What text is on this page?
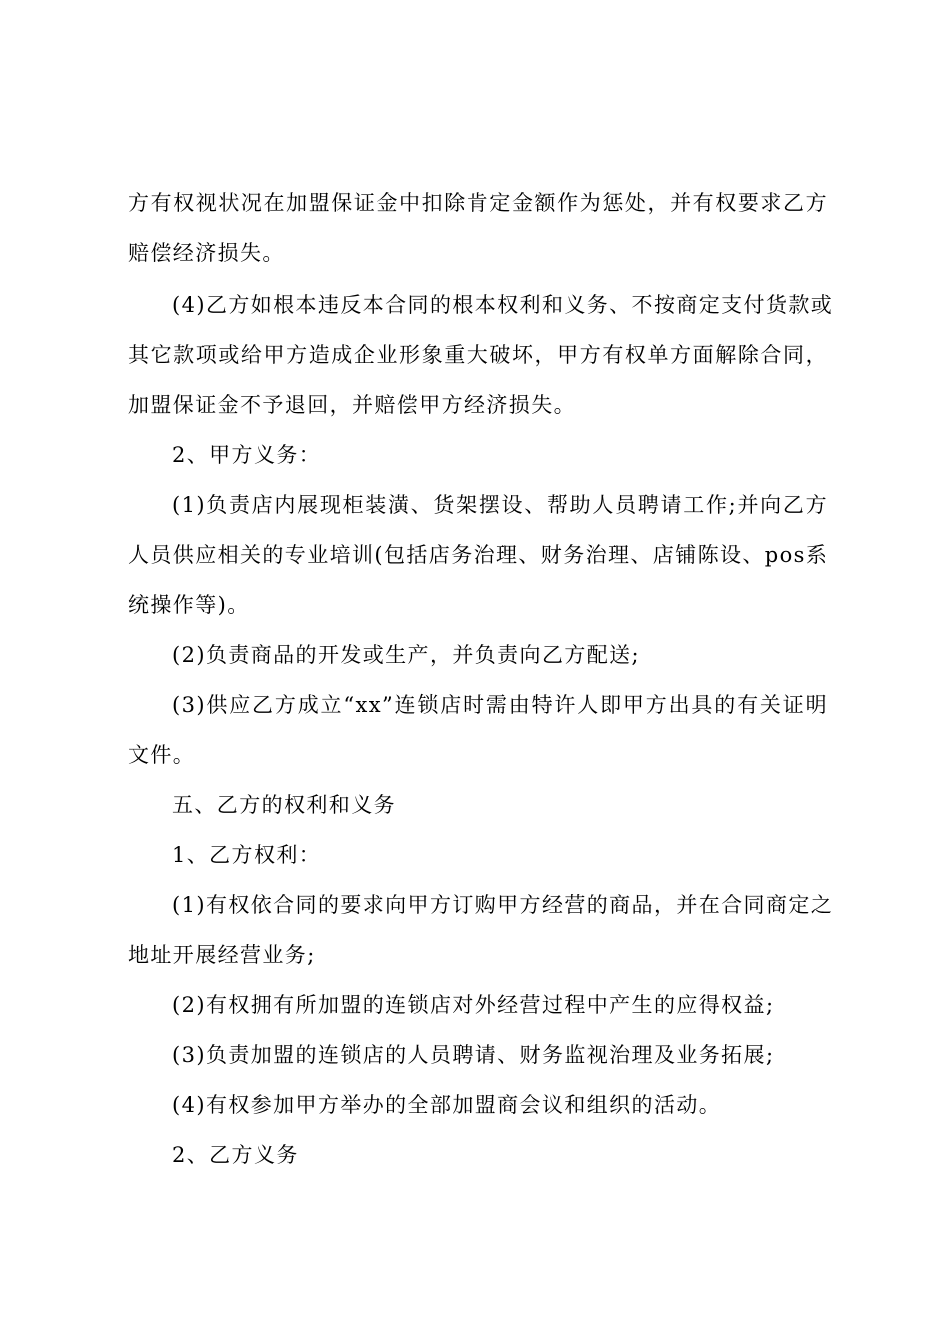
方有权视状况在加盟保证金中扣除肯定金额作为惩处，并有权要求乙方
赔偿经济损失。
(4)乙方如根本违反本合同的根本权利和义务、不按商定支付货款或
其它款项或给甲方造成企业形象重大破坏，甲方有权单方面解除合同，
加盟保证金不予退回，并赔偿甲方经济损失。
2、甲方义务：
(1)负责店内展现柜装潢、货架摆设、帮助人员聘请工作;并向乙方
人员供应相关的专业培训(包括店务治理、财务治理、店铺陈设、pos系
统操作等)。
(2)负责商品的开发或生产，并负责向乙方配送;
(3)供应乙方成立“xx”连锁店时需由特许人即甲方出具的有关证明
文件。
五、乙方的权利和义务
1、乙方权利：
(1)有权依合同的要求向甲方订购甲方经营的商品，并在合同商定之
地址开展经营业务;
(2)有权拥有所加盟的连锁店对外经营过程中产生的应得权益;
(3)负责加盟的连锁店的人员聘请、财务监视治理及业务拓展;
(4)有权参加甲方举办的全部加盟商会议和组织的活动。
2、乙方义务
